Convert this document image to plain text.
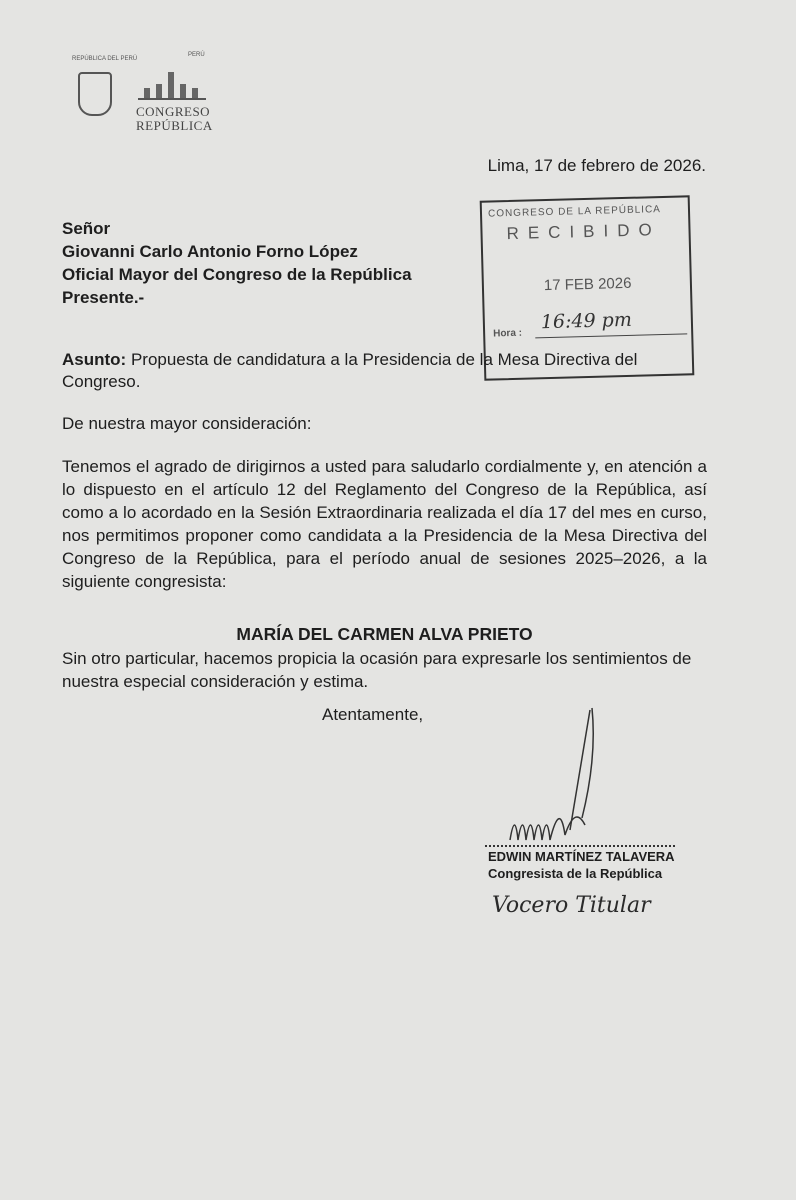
REPÚBLICA DEL PERÚ
PERÚ
CONGRESO
REPÚBLICA
Lima, 17 de febrero de 2026.
CONGRESO DE LA REPÚBLICA
RECIBIDO
17 FEB 2026
Hora :
16:49 pm
Señor
Giovanni Carlo Antonio Forno López
Oficial Mayor del Congreso de la República
Presente.-
Asunto: Propuesta de candidatura a la Presidencia de la Mesa Directiva del Congreso.
De nuestra mayor consideración:
Tenemos el agrado de dirigirnos a usted para saludarlo cordialmente y, en atención a lo dispuesto en el artículo 12 del Reglamento del Congreso de la República, así como a lo acordado en la Sesión Extraordinaria realizada el día 17 del mes en curso, nos permitimos proponer como candidata a la Presidencia de la Mesa Directiva del Congreso de la República, para el período anual de sesiones 2025–2026, a la siguiente congresista:
MARÍA DEL CARMEN ALVA PRIETO
Sin otro particular, hacemos propicia la ocasión para expresarle los sentimientos de nuestra especial consideración y estima.
Atentamente,
EDWIN MARTÍNEZ TALAVERA
Congresista de la República
Vocero Titular
